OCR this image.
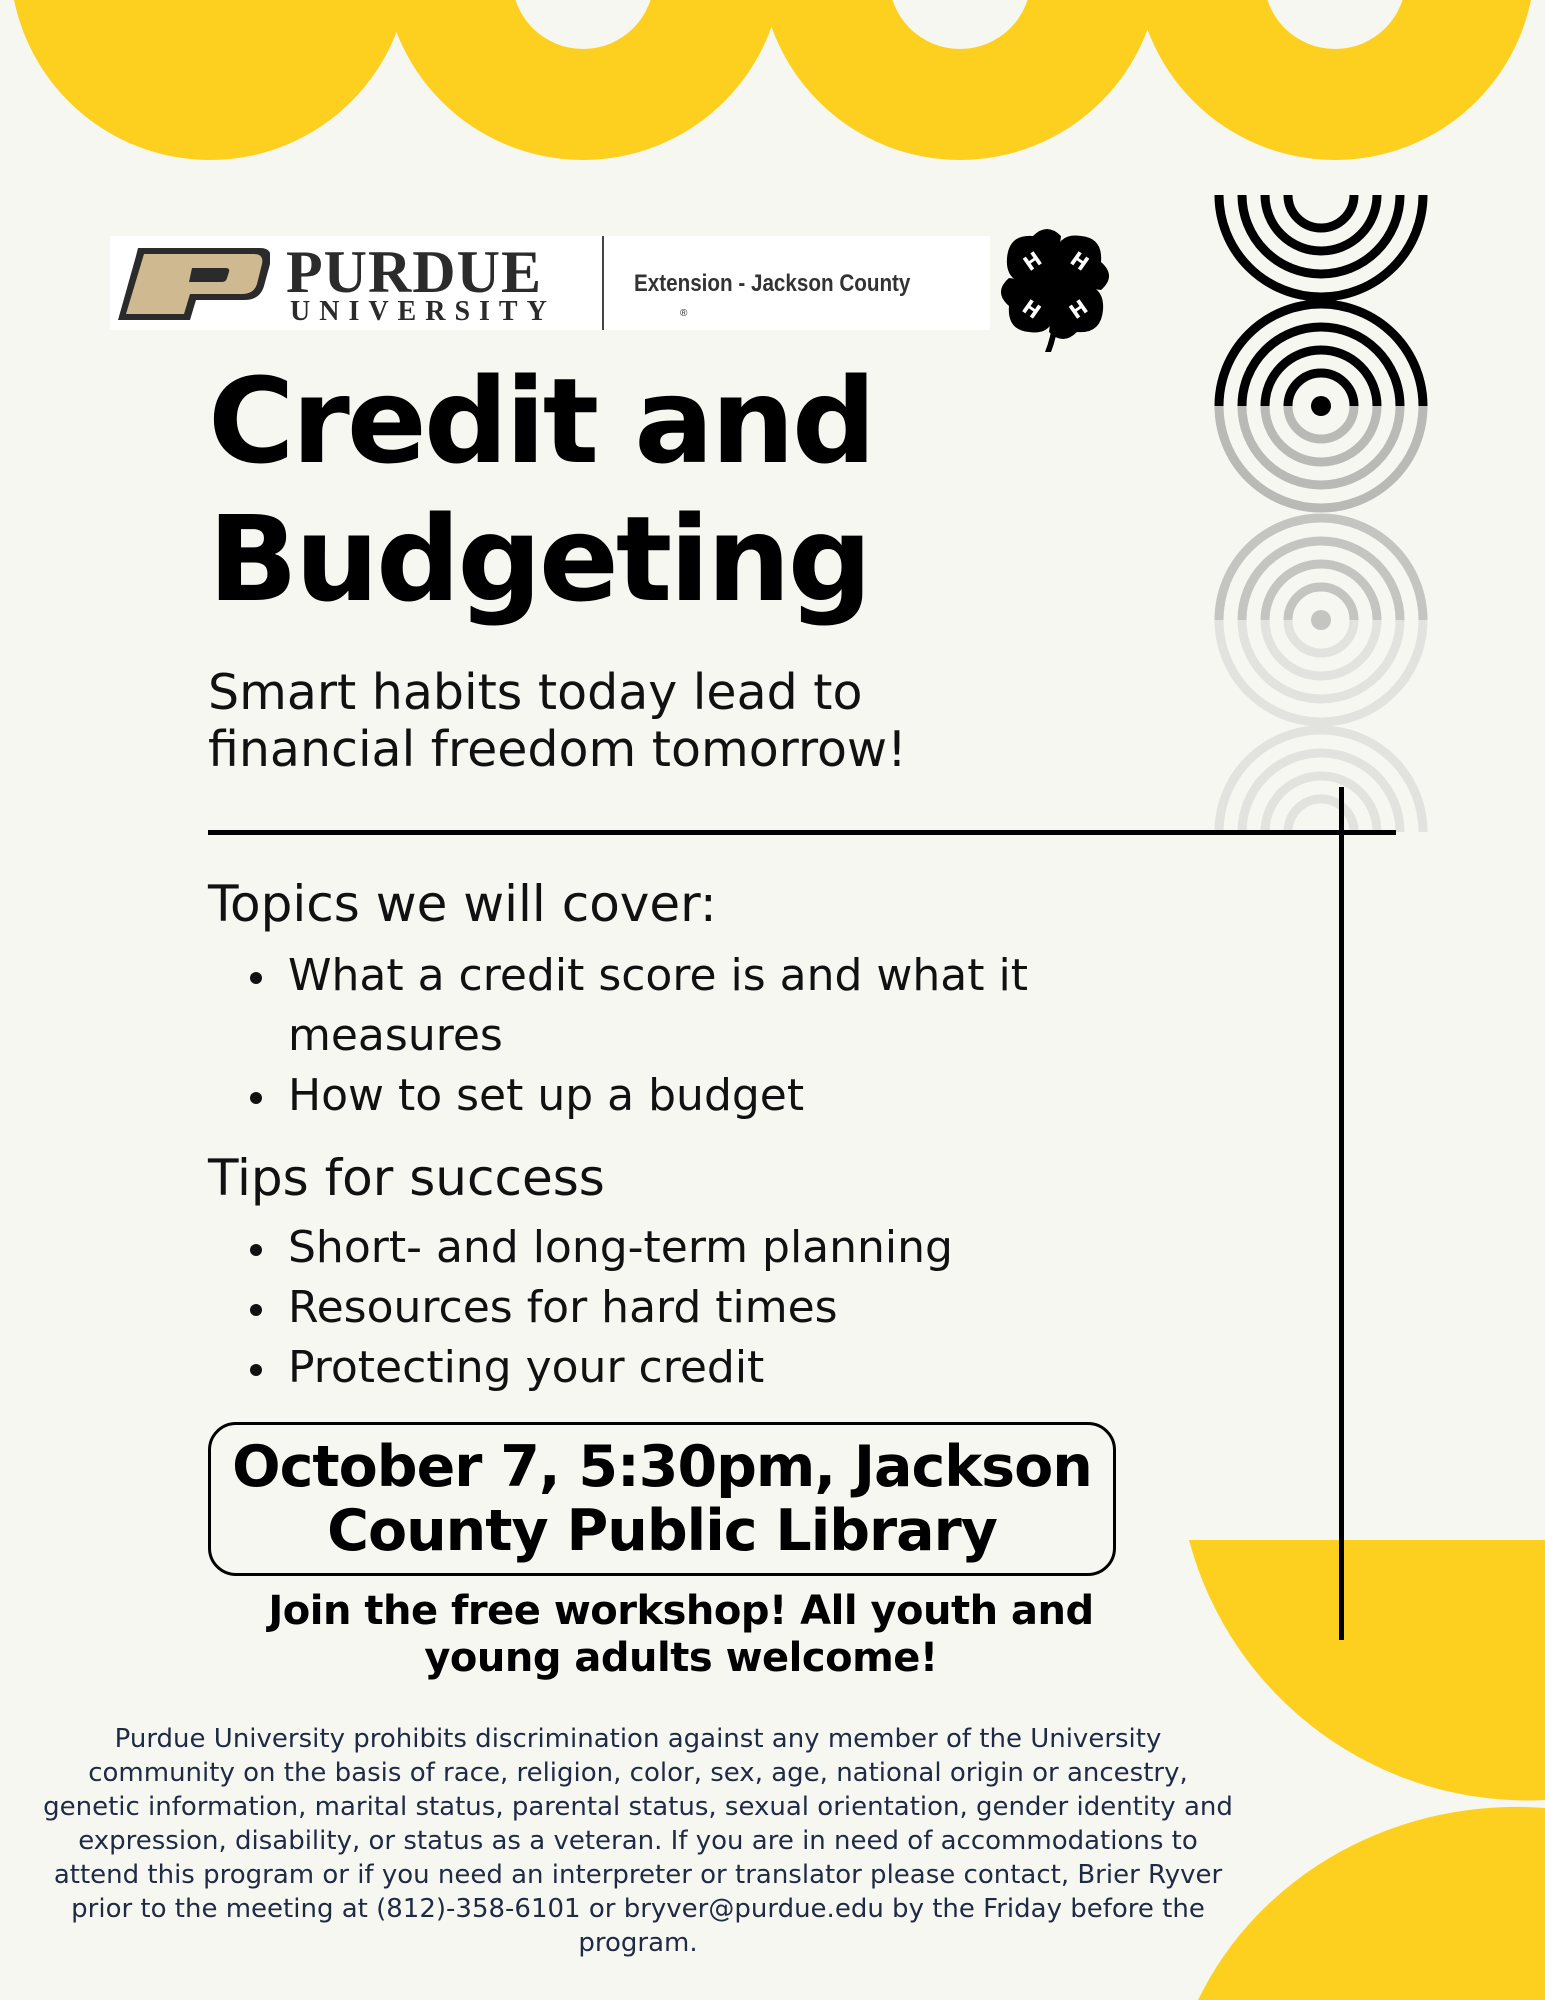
PURDUE
UNIVERSITY	®
Extension - Jackson County
H H
H H
Credit and
Budgeting

Smart habits today lead to
financial freedom tomorrow!

Topics we will cover:
What a credit score is and what it measures
How to set up a budget
Tips for success
Short- and long-term planning
Resources for hard times
Protecting your credit
October 7, 5:30pm, Jackson
County Public Library

Join the free workshop! All youth and
young adults welcome!

Purdue University prohibits discrimination against any member of the University community on the basis of race, religion, color, sex, age, national origin or ancestry, genetic information, marital status, parental status, sexual orientation, gender identity and expression, disability, or status as a veteran. If you are in need of accommodations to attend this program or if you need an interpreter or translator please contact, Brier Ryver prior to the meeting at (812)-358-6101 or bryver@purdue.edu by the Friday before the program.
